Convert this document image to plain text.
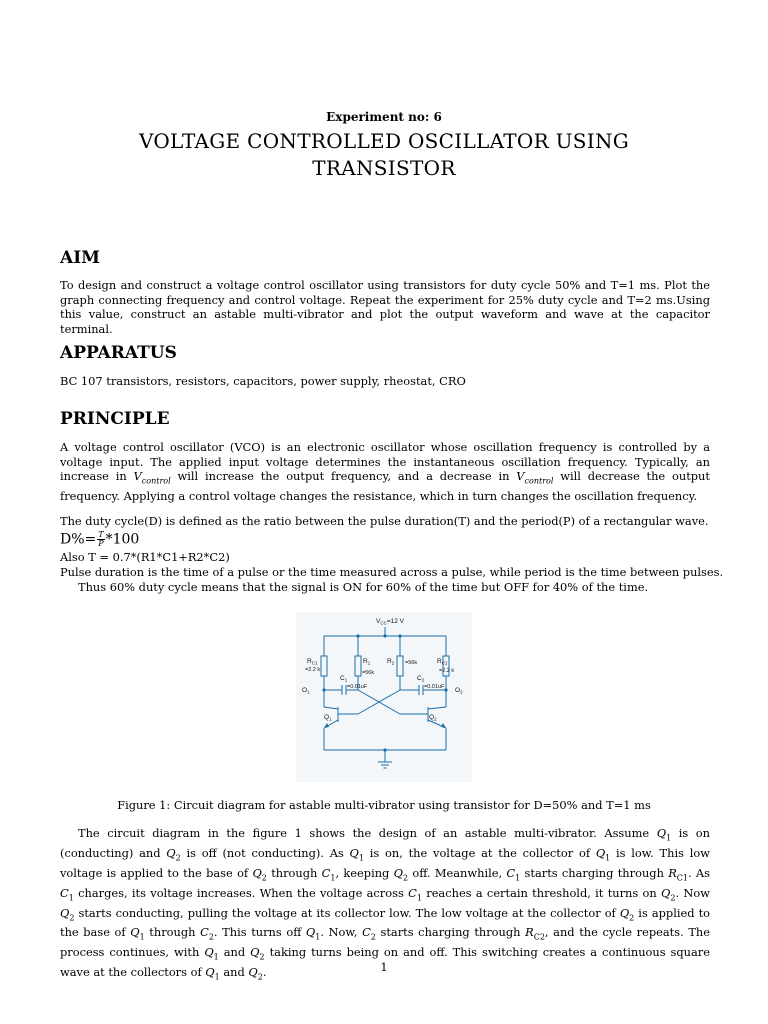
Experiment no: 6
VOLTAGE CONTROLLED OSCILLATOR USING
TRANSISTOR
AIM

To design and construct a voltage control oscillator using transistors for duty cycle 50% and T=1 ms. Plot the graph connecting frequency and control voltage. Repeat the experiment for 25% duty cycle and T=2 ms.Using this value, construct an astable multi-vibrator and plot the output waveform and wave at the capacitor terminal.

APPARATUS

BC 107 transistors, resistors, capacitors, power supply, rheostat, CRO

PRINCIPLE

A voltage control oscillator (VCO) is an electronic oscillator whose oscillation frequency is controlled by a voltage input. The applied input voltage determines the instantaneous oscillation frequency. Typically, an increase in $V_{control}$ will increase the output frequency, and a decrease in $V_{control}$ will decrease the output frequency. Applying a control voltage changes the resistance, which in turn changes the oscillation frequency.

The duty cycle(D) is defined as the ratio between the pulse duration(T) and the period(P) of a rectangular wave.

$D\%= \frac{T}{P} *100$

Also T = 0.7*(R1*C1+R2*C2)

Pulse duration is the time of a pulse or the time measured across a pulse, while period is the time between pulses.

Thus 60% duty cycle means that the signal is ON for 60% of the time but OFF for 40% of the time.

$V_{CC}=12$ V
$R_{C1}$
=2.2 k
$R_1$
=56k
$R_2 =56k$	$R_{C2}$
=2.2 k
$C_1$
=0.01uF
$C_2$
=0.01uF
$O_1$	$O_2$
$Q_1$	$Q_2$
Figure 1: Circuit diagram for astable multi-vibrator using transistor for D=50% and T=1 ms

The circuit diagram in the figure 1 shows the design of an astable multi-vibrator. Assume $Q_1$ is on (conducting) and $Q_2$ is off (not conducting). As $Q_1$ is on, the voltage at the collector of $Q_1$ is low. This low voltage is applied to the base of $Q_2$ through $C_1$, keeping $Q_2$ off. Meanwhile, $C_1$ starts charging through $R_{C1}$. As $C_1$ charges, its voltage increases. When the voltage across $C_1$ reaches a certain threshold, it turns on $Q_2$. Now $Q_2$ starts conducting, pulling the voltage at its collector low. The low voltage at the collector of $Q_2$ is applied to the base of $Q_1$ through $C_2$. This turns off $Q_1$. Now, $C_2$ starts charging through $R_{C2}$, and the cycle repeats. The process continues, with $Q_1$ and $Q_2$ taking turns being on and off. This switching creates a continuous square wave at the collectors of $Q_1$ and $Q_2$.	1
